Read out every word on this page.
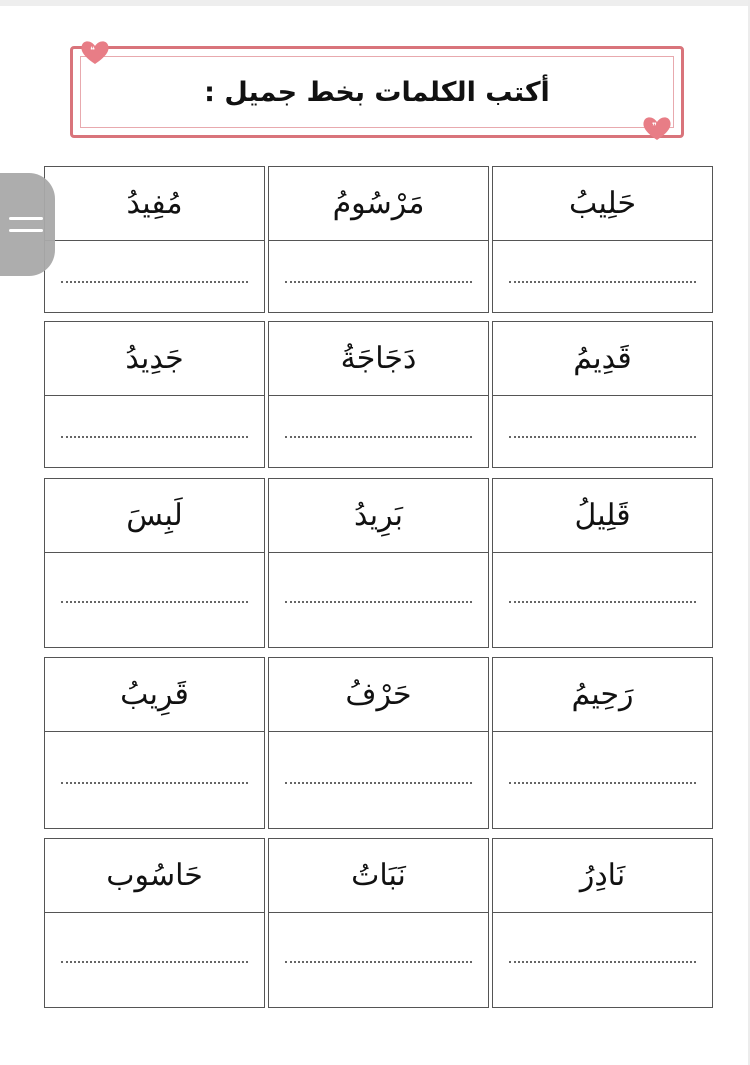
أكتب الكلمات بخط جميل :
❝
❞
حَلِيبُ
مَرْسُومُ
مُفِيدُ
قَدِيمُ
دَجَاجَةُ
جَدِيدُ
قَلِيلُ
بَرِيدُ
لَبِسَ
رَحِيمُ
حَرْفُ
قَرِيبُ
نَادِرُ
نَبَاتُ
حَاسُوب
